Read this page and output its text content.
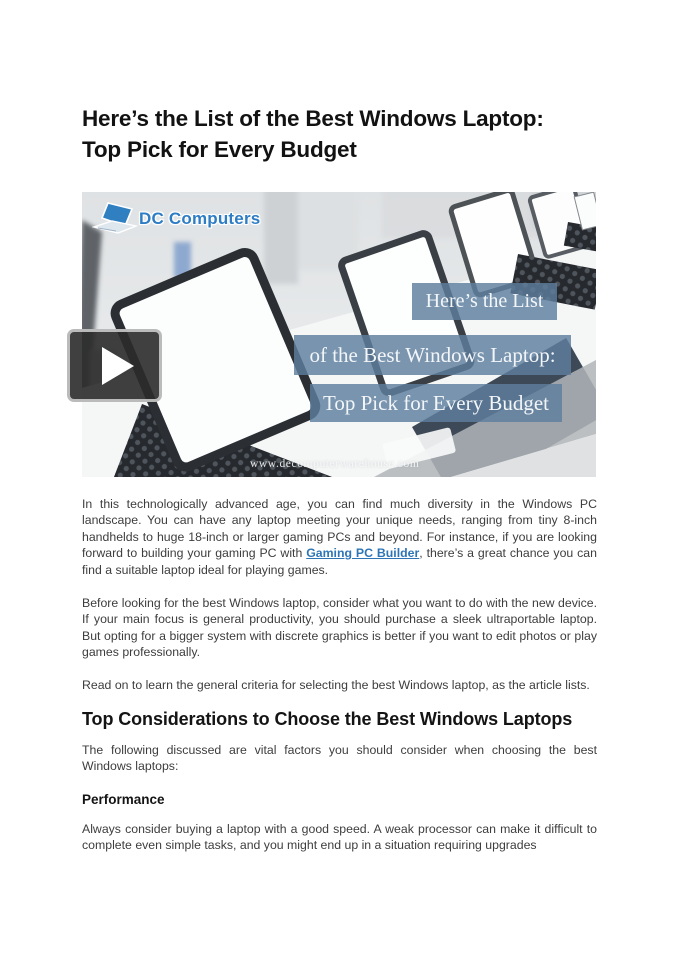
Here’s the List of the Best Windows Laptop:
Top Pick for Every Budget
DC Computers
Here’s the List
of the Best Windows Laptop:
Top Pick for Every Budget
www.decomputerwarehouse.com

In this technologically advanced age, you can find much diversity in the Windows PC landscape. You can have any laptop meeting your unique needs, ranging from tiny 8-inch handhelds to huge 18-inch or larger gaming PCs and beyond. For instance, if you are looking forward to building your gaming PC with Gaming PC Builder, there’s a great chance you can find a suitable laptop ideal for playing games.

Before looking for the best Windows laptop, consider what you want to do with the new device. If your main focus is general productivity, you should purchase a sleek ultraportable laptop. But opting for a bigger system with discrete graphics is better if you want to edit photos or play games professionally.

Read on to learn the general criteria for selecting the best Windows laptop, as the article lists.

Top Considerations to Choose the Best Windows Laptops

The following discussed are vital factors you should consider when choosing the best Windows laptops:

Performance

Always consider buying a laptop with a good speed. A weak processor can make it difficult to complete even simple tasks, and you might end up in a situation requiring upgrades
